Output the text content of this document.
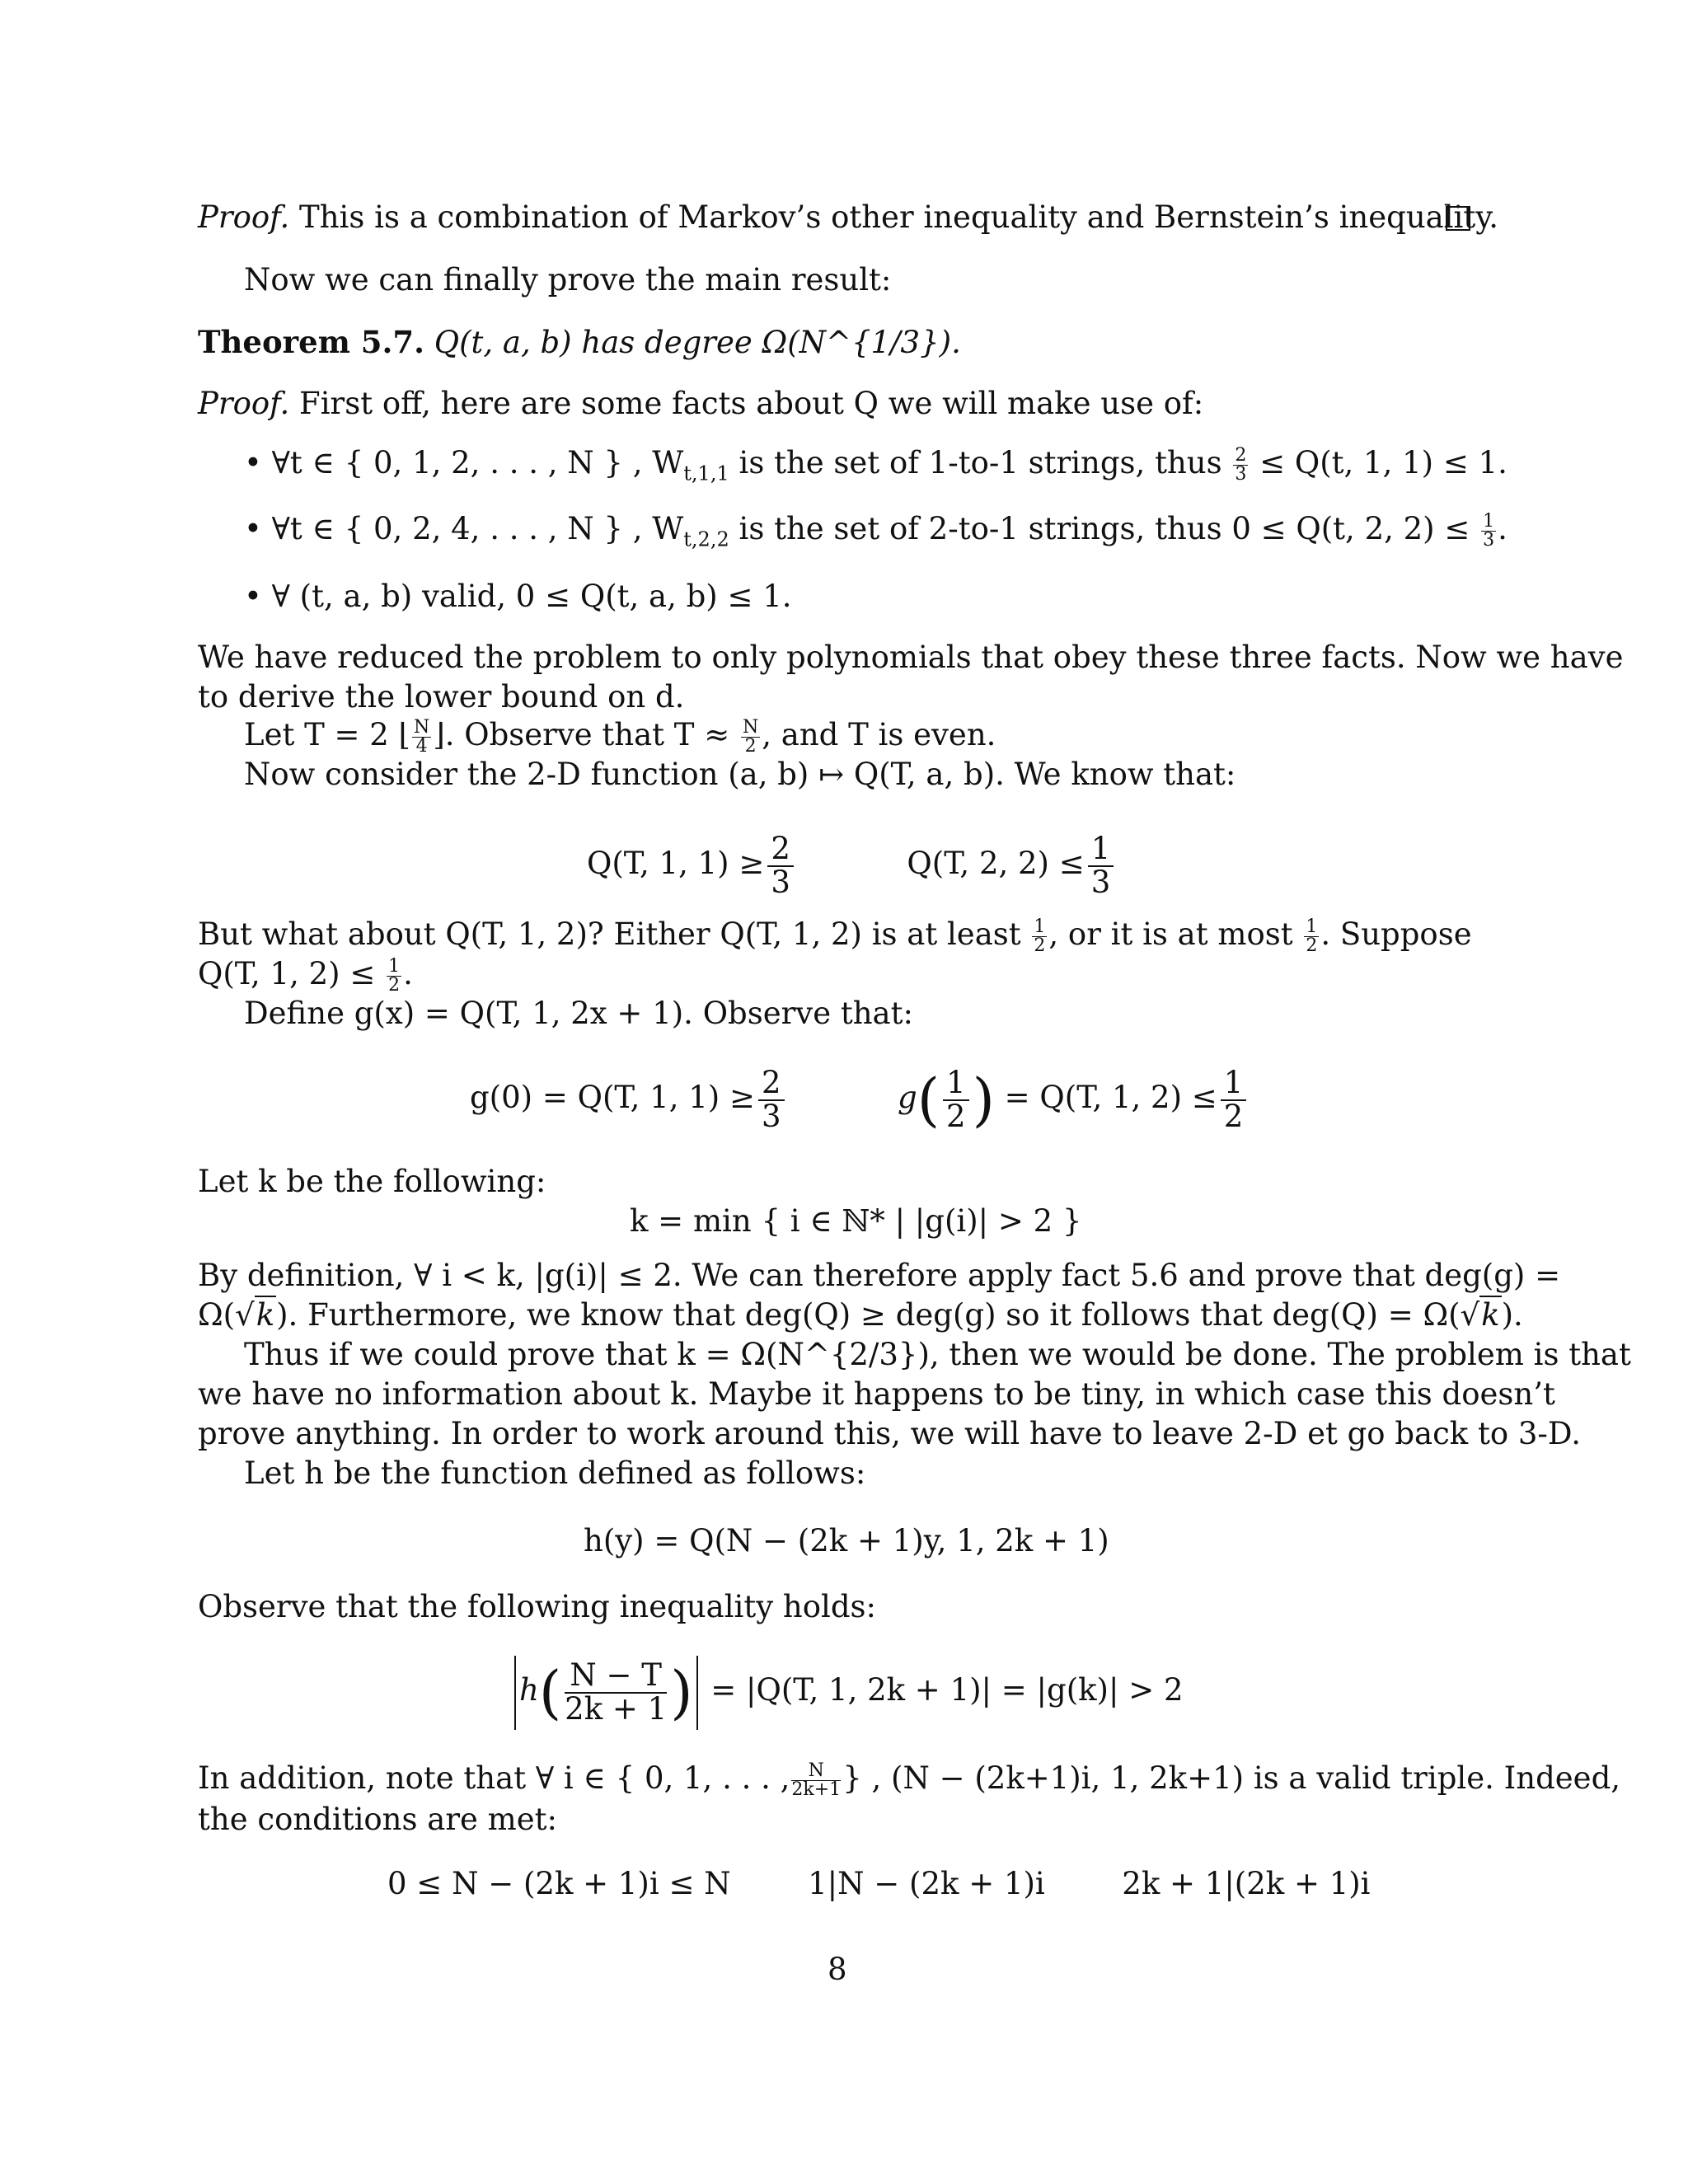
Proof. This is a combination of Markov’s other inequality and Bernstein’s inequality.
Now we can finally prove the main result:
Theorem 5.7. Q(t, a, b) has degree Ω(N^{1/3}).
Proof. First off, here are some facts about Q we will make use of:
• ∀t ∈ { 0, 1, 2, . . . , N } , $W_{t,1,1}$ is the set of 1-to-1 strings, thus $\frac{2}{3} \le Q(t$, 1, 1) ≤ 1.
• ∀t ∈ { 0, 2, 4, . . . , N } , $W_{t,2,2}$ is the set of 2-to-1 strings, thus 0 ≤ Q(t, 2, $2) \le \frac{1}{3}$ .
• ∀ (t, a, b) valid, 0 ≤ Q(t, a, b) ≤ 1.
We have reduced the problem to only polynomials that obey these three facts. Now we have
to derive the lower bound on d.
Let T = 2 ⌊ $\frac{N}{4}$ ⌋. Observe that $T \approx \frac{N}{2}$ , and T is even.
Now consider the 2-D function (a, b) ↦ Q(T, a, b). We know that:
Q(T, 1, $1) \ge \frac{2}{3}$	Q(T, 2, $2) \le \frac{1}{3}$
But what about Q(T, 1, 2)? Either Q(T, 1, 2) is at least $\frac{1}{2}$ , or it is at most $\frac{1}{2}$ . Suppose
Q(T, 1, $2) \le \frac{1}{2}$ .
Define g(x) = Q(T, 1, 2x + 1). Observe that:
g(0) = Q(T, 1, $1) \ge \frac{2}{3}$	$g( \frac{1}{2}$ ) = Q(T, 1, $2) \le \frac{1}{2}$
Let k be the following:
k = min { i ∈ ℕ* | |g(i)| > 2 }
By definition, ∀ i < k, |g(i)| ≤ 2. We can therefore apply fact 5.6 and prove that deg(g) =
Ω(√k). Furthermore, we know that deg(Q) ≥ deg(g) so it follows that deg(Q) = Ω(√k).
Thus if we could prove that k = Ω(N^{2/3}), then we would be done. The problem is that
we have no information about k. Maybe it happens to be tiny, in which case this doesn’t
prove anything. In order to work around this, we will have to leave 2-D et go back to 3-D.
Let h be the function defined as follows:
h(y) = Q(N − (2k + 1)y, 1, 2k + 1)
Observe that the following inequality holds:
$h( \frac{N - T}{2k + 1}$ ) = |Q(T, 1, 2k + 1)| = |g(k)| > 2
In addition, note that ∀ i ∈ { 0, 1, . . . , $\frac{N}{2k+1}$ } , (N − (2k+1)i, 1, 2k+1) is a valid triple. Indeed,
the conditions are met:
0 ≤ N − (2k + 1)i ≤ N	1|N − (2k + 1)i	2k + 1|(2k + 1)i
8
